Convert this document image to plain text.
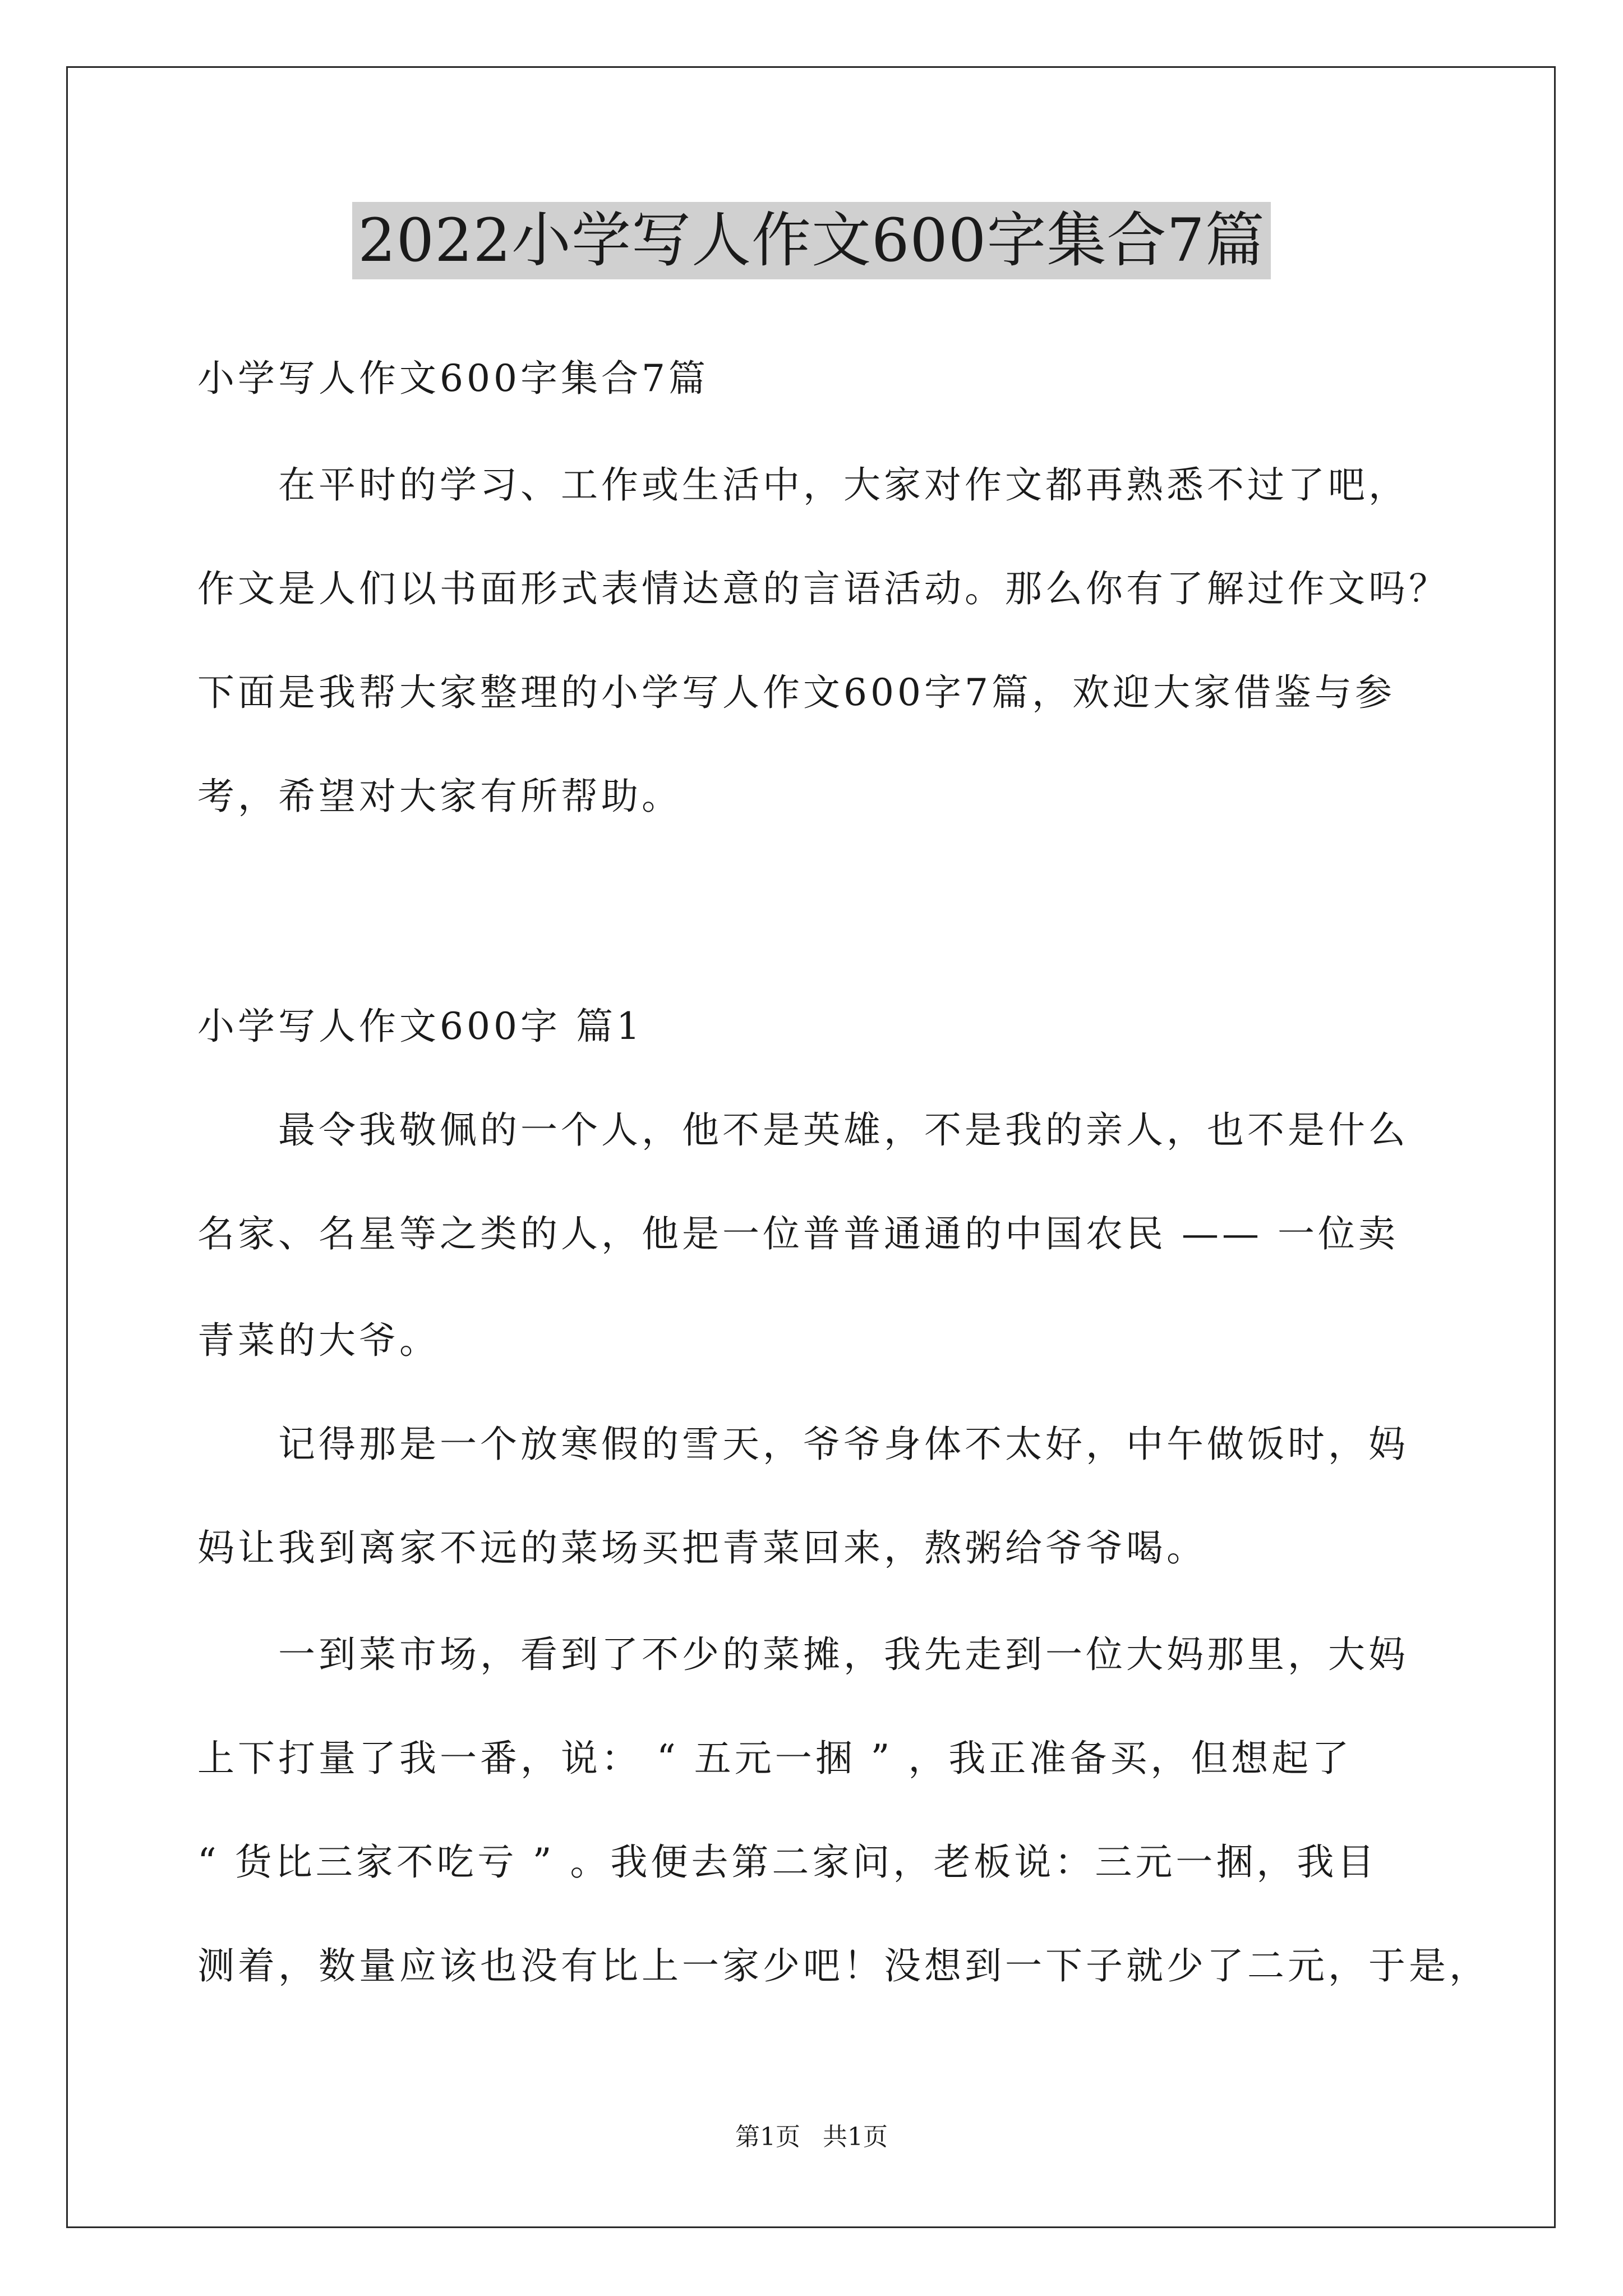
2022小学写人作文600字集合7篇
小学写人作文600字集合7篇
在平时的学习、工作或生活中，大家对作文都再熟悉不过了吧，
作文是人们以书面形式表情达意的言语活动。那么你有了解过作文吗？
下面是我帮大家整理的小学写人作文600字7篇，欢迎大家借鉴与参
考，希望对大家有所帮助。
小学写人作文600字 篇1
最令我敬佩的一个人，他不是英雄，不是我的亲人，也不是什么
名家、名星等之类的人，他是一位普普通通的中国农民 —— 一位卖
青菜的大爷。
记得那是一个放寒假的雪天，爷爷身体不太好，中午做饭时，妈
妈让我到离家不远的菜场买把青菜回来，熬粥给爷爷喝。
一到菜市场，看到了不少的菜摊，我先走到一位大妈那里，大妈
上下打量了我一番，说： “ 五元一捆 ” ，我正准备买，但想起了
“ 货比三家不吃亏 ” 。我便去第二家问，老板说：三元一捆，我目
测着，数量应该也没有比上一家少吧！没想到一下子就少了二元，于是，
第1页 共1页
